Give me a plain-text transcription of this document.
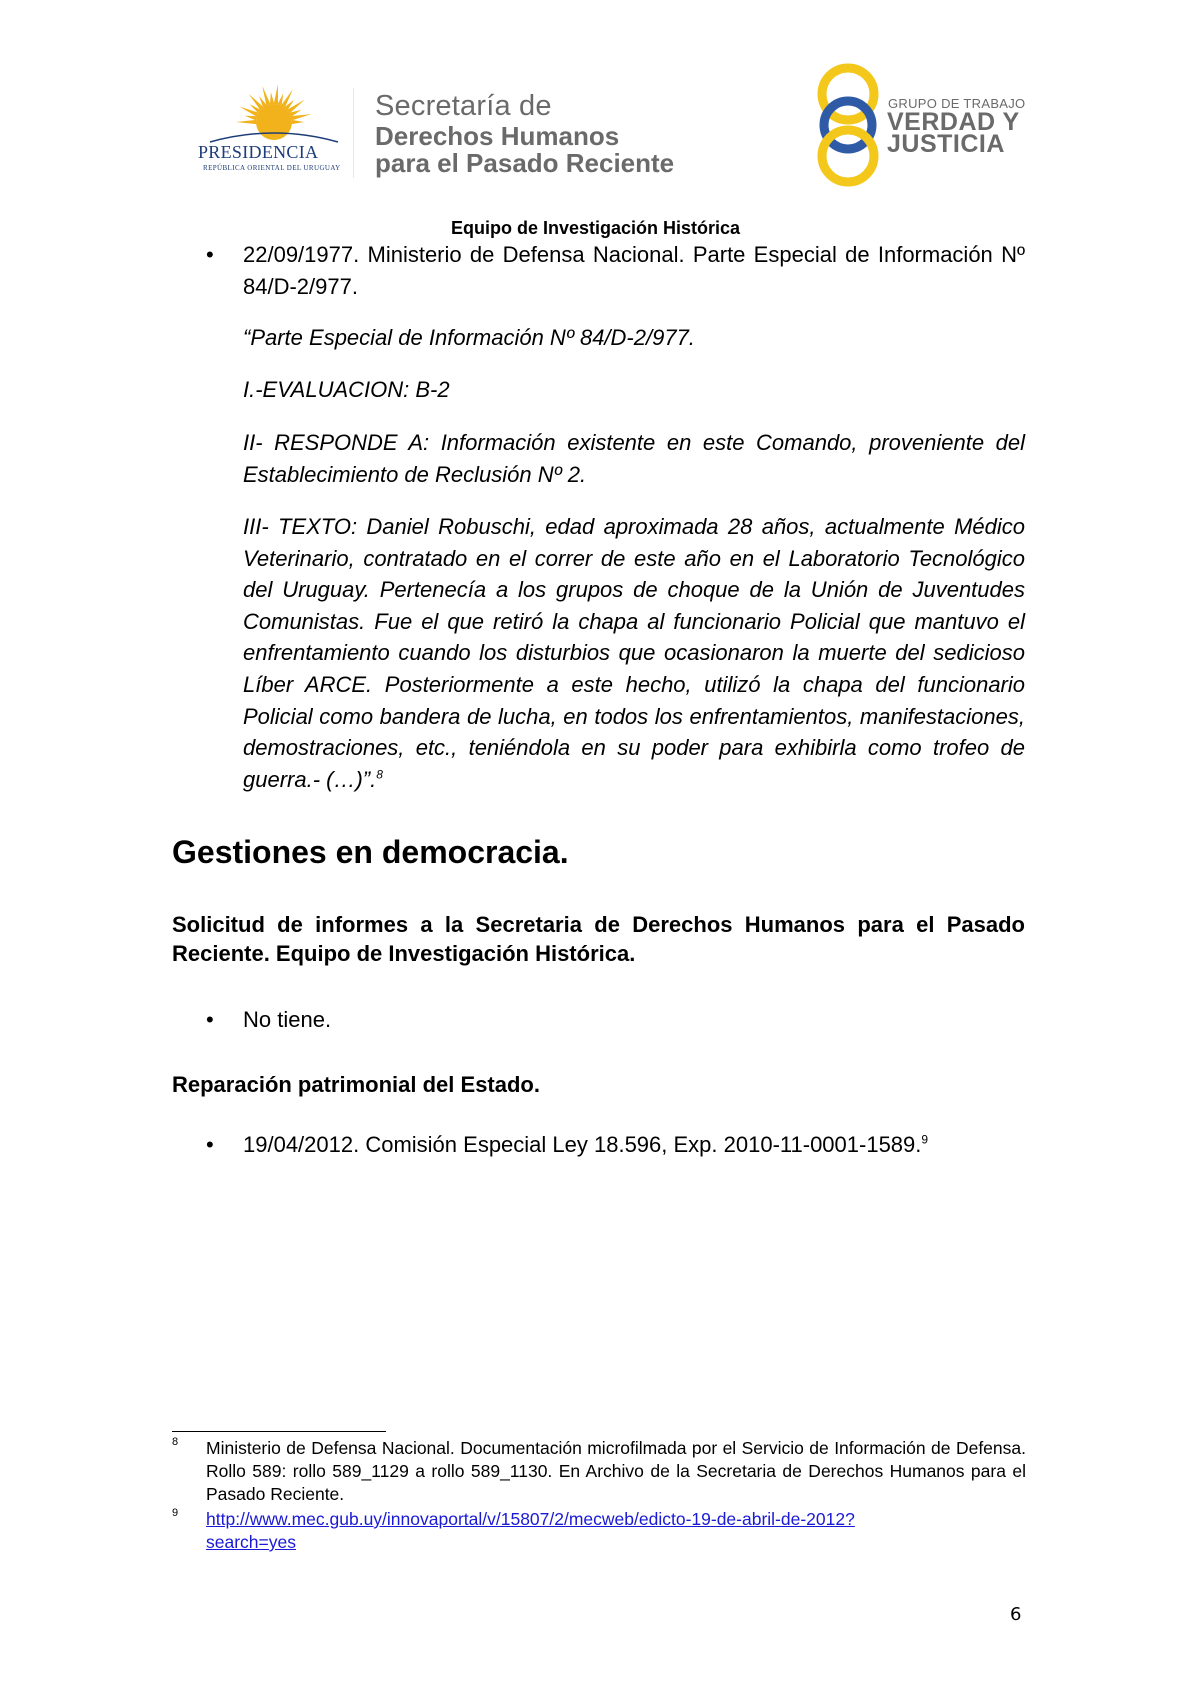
PRESIDENCIA
REPÚBLICA ORIENTAL DEL URUGUAY
Secretaría de
Derechos Humanos
para el Pasado Reciente
GRUPO DE TRABAJO
VERDAD Y
JUSTICIA
Equipo de Investigación Histórica
• 22/09/1977. Ministerio de Defensa Nacional. Parte Especial de Información Nº 84/D-2/977.
“Parte Especial de Información Nº 84/D-2/977.
I.-EVALUACION: B-2
II- RESPONDE A: Información existente en este Comando, proveniente del Establecimiento de Reclusión Nº 2.
III- TEXTO: Daniel Robuschi, edad aproximada 28 años, actualmente Médico Veterinario, contratado en el correr de este año en el Laboratorio Tecnológico del Uruguay. Pertenecía a los grupos de choque de la Unión de Juventudes Comunistas. Fue el que retiró la chapa al funcionario Policial que mantuvo el enfrentamiento cuando los disturbios que ocasionaron la muerte del sedicioso Líber ARCE. Posteriormente a este hecho, utilizó la chapa del funcionario Policial como bandera de lucha, en todos los enfrentamientos, manifestaciones, demostraciones, etc., teniéndola en su poder para exhibirla como trofeo de guerra.- (…)”.$^8$
Gestiones en democracia.
Solicitud de informes a la Secretaria de Derechos Humanos para el Pasado Reciente. Equipo de Investigación Histórica.
• No tiene.
Reparación patrimonial del Estado.
• 19/04/2012. Comisión Especial Ley 18.596, Exp. 2010-11-0001-1589.$^9$
8 Ministerio de Defensa Nacional. Documentación microfilmada por el Servicio de Información de Defensa. Rollo 589: rollo 589_1129 a rollo 589_1130. En Archivo de la Secretaria de Derechos Humanos para el Pasado Reciente.
9 http://www.mec.gub.uy/innovaportal/v/15807/2/mecweb/edicto-19-de-abril-de-2012?
search=yes
6
